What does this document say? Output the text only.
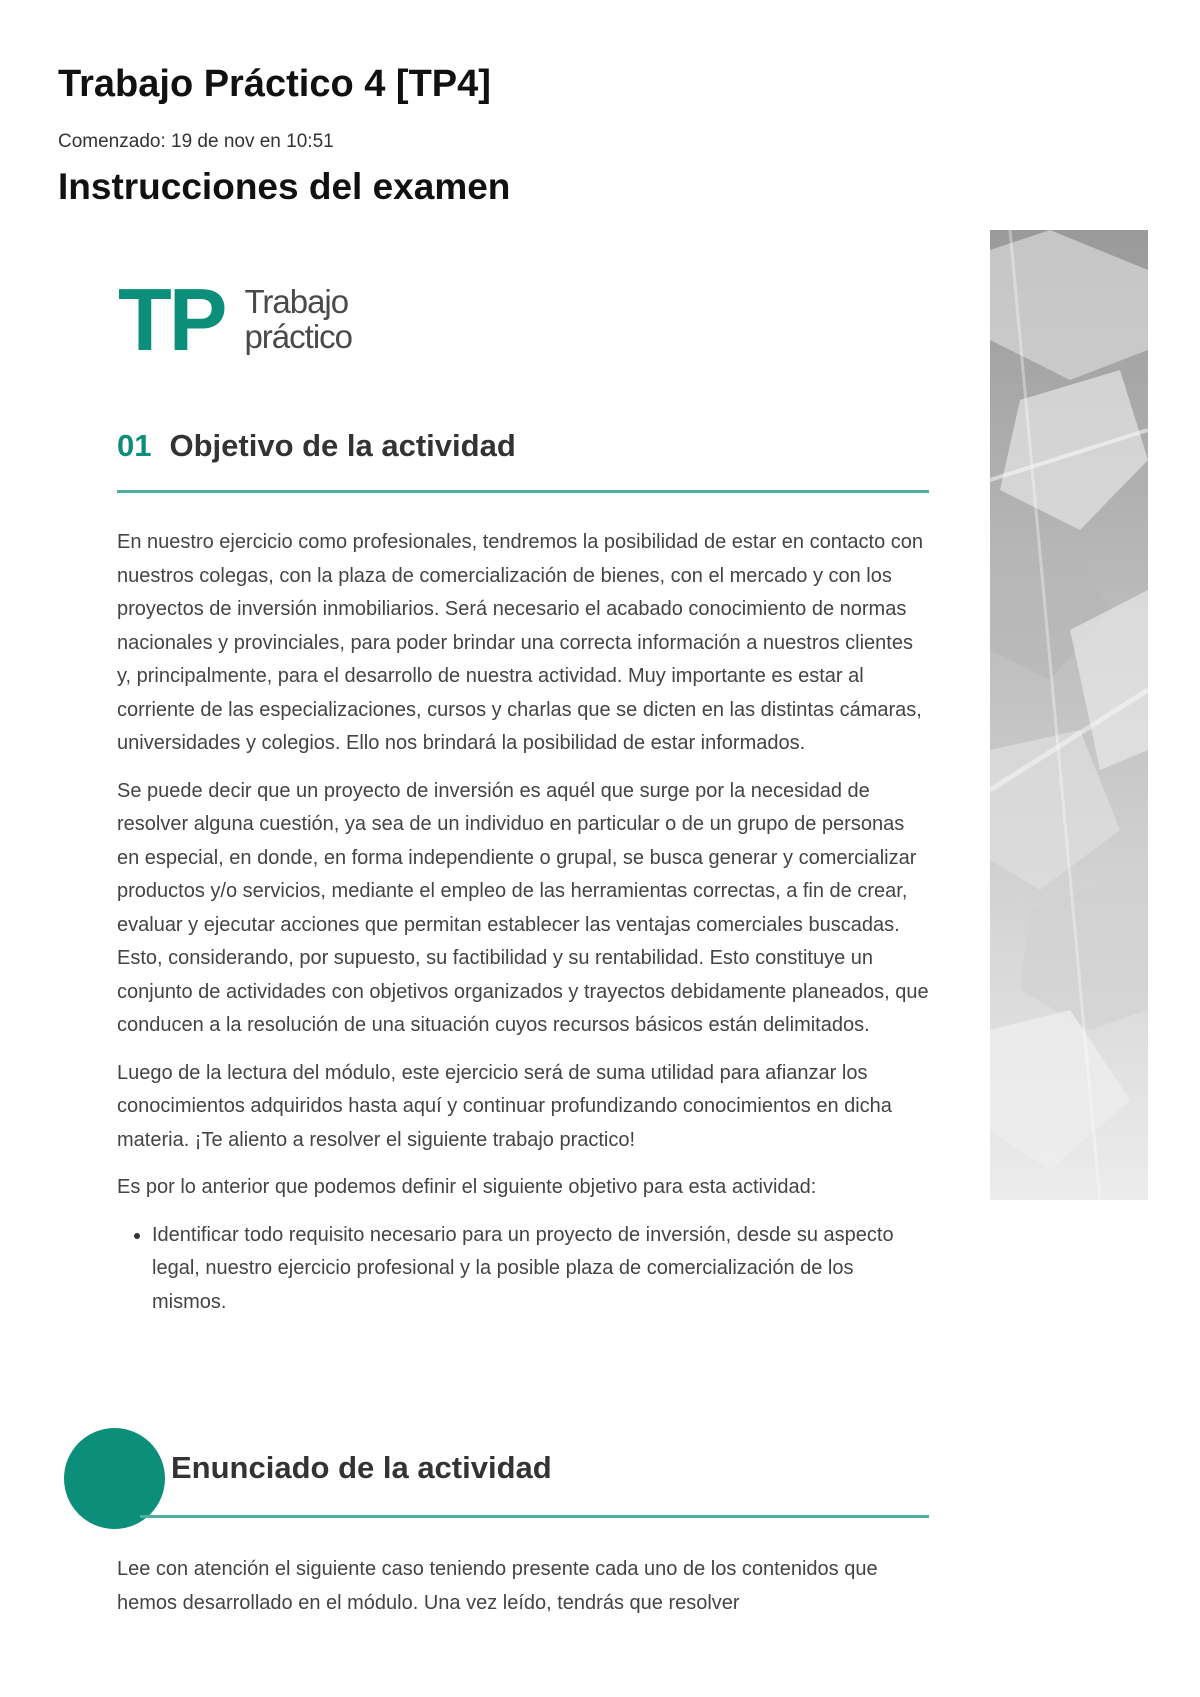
Trabajo Práctico 4 [TP4]
Comenzado: 19 de nov en 10:51
Instrucciones del examen
TP Trabajo
práctico
01 Objetivo de la actividad

En nuestro ejercicio como profesionales, tendremos la posibilidad de estar en contacto con nuestros colegas, con la plaza de comercialización de bienes, con el mercado y con los proyectos de inversión inmobiliarios. Será necesario el acabado conocimiento de normas nacionales y provinciales, para poder brindar una correcta información a nuestros clientes y, principalmente, para el desarrollo de nuestra actividad. Muy importante es estar al corriente de las especializaciones, cursos y charlas que se dicten en las distintas cámaras, universidades y colegios. Ello nos brindará la posibilidad de estar informados.

Se puede decir que un proyecto de inversión es aquél que surge por la necesidad de resolver alguna cuestión, ya sea de un individuo en particular o de un grupo de personas en especial, en donde, en forma independiente o grupal, se busca generar y comercializar productos y/o servicios, mediante el empleo de las herramientas correctas, a fin de crear, evaluar y ejecutar acciones que permitan establecer las ventajas comerciales buscadas. Esto, considerando, por supuesto, su factibilidad y su rentabilidad. Esto constituye un conjunto de actividades con objetivos organizados y trayectos debidamente planeados, que conducen a la resolución de una situación cuyos recursos básicos están delimitados.

Luego de la lectura del módulo, este ejercicio será de suma utilidad para afianzar los conocimientos adquiridos hasta aquí y continuar profundizando conocimientos en dicha materia. ¡Te aliento a resolver el siguiente trabajo practico!

Es por lo anterior que podemos definir el siguiente objetivo para esta actividad:

• Identificar todo requisito necesario para un proyecto de inversión, desde su aspecto legal, nuestro ejercicio profesional y la posible plaza de comercialización de los mismos.
Enunciado de la actividad

Lee con atención el siguiente caso teniendo presente cada uno de los contenidos que hemos desarrollado en el módulo. Una vez leído, tendrás que resolver
